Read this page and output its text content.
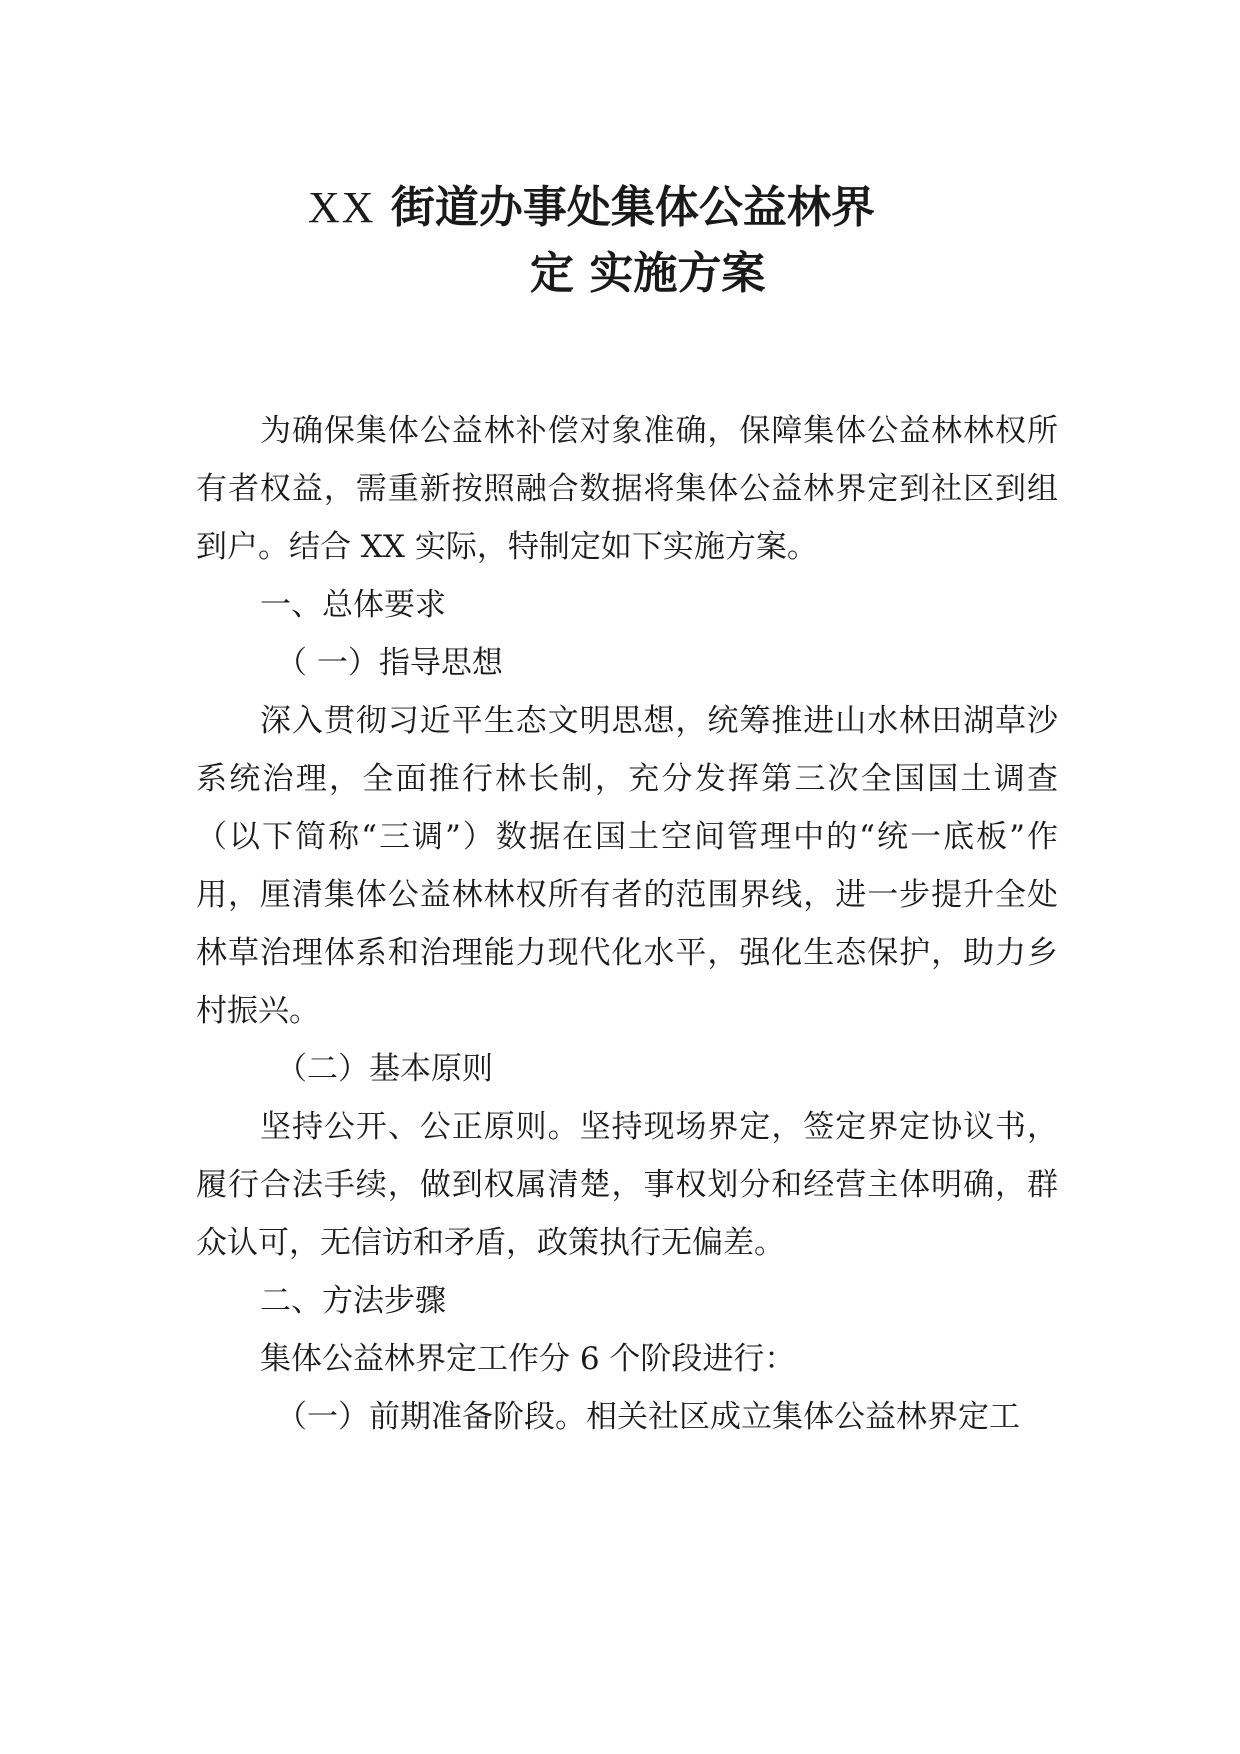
XX 街道办事处集体公益林界
定 实施方案

为确保集体公益林补偿对象准确，保障集体公益林林权所有者权益，需重新按照融合数据将集体公益林界定到社区到组到户。结合 XX 实际，特制定如下实施方案。

一、总体要求

（ 一）指导思想

深入贯彻习近平生态文明思想，统筹推进山水林田湖草沙系统治理，全面推行林长制，充分发挥第三次全国国土调查（以下简称“三调”）数据在国土空间管理中的“统一底板”作用，厘清集体公益林林权所有者的范围界线，进一步提升全处林草治理体系和治理能力现代化水平，强化生态保护，助力乡村振兴。

（二）基本原则

坚持公开、公正原则。坚持现场界定，签定界定协议书，履行合法手续，做到权属清楚，事权划分和经营主体明确，群众认可，无信访和矛盾，政策执行无偏差。

二、方法步骤

集体公益林界定工作分 6 个阶段进行：

（一）前期准备阶段。相关社区成立集体公益林界定工
